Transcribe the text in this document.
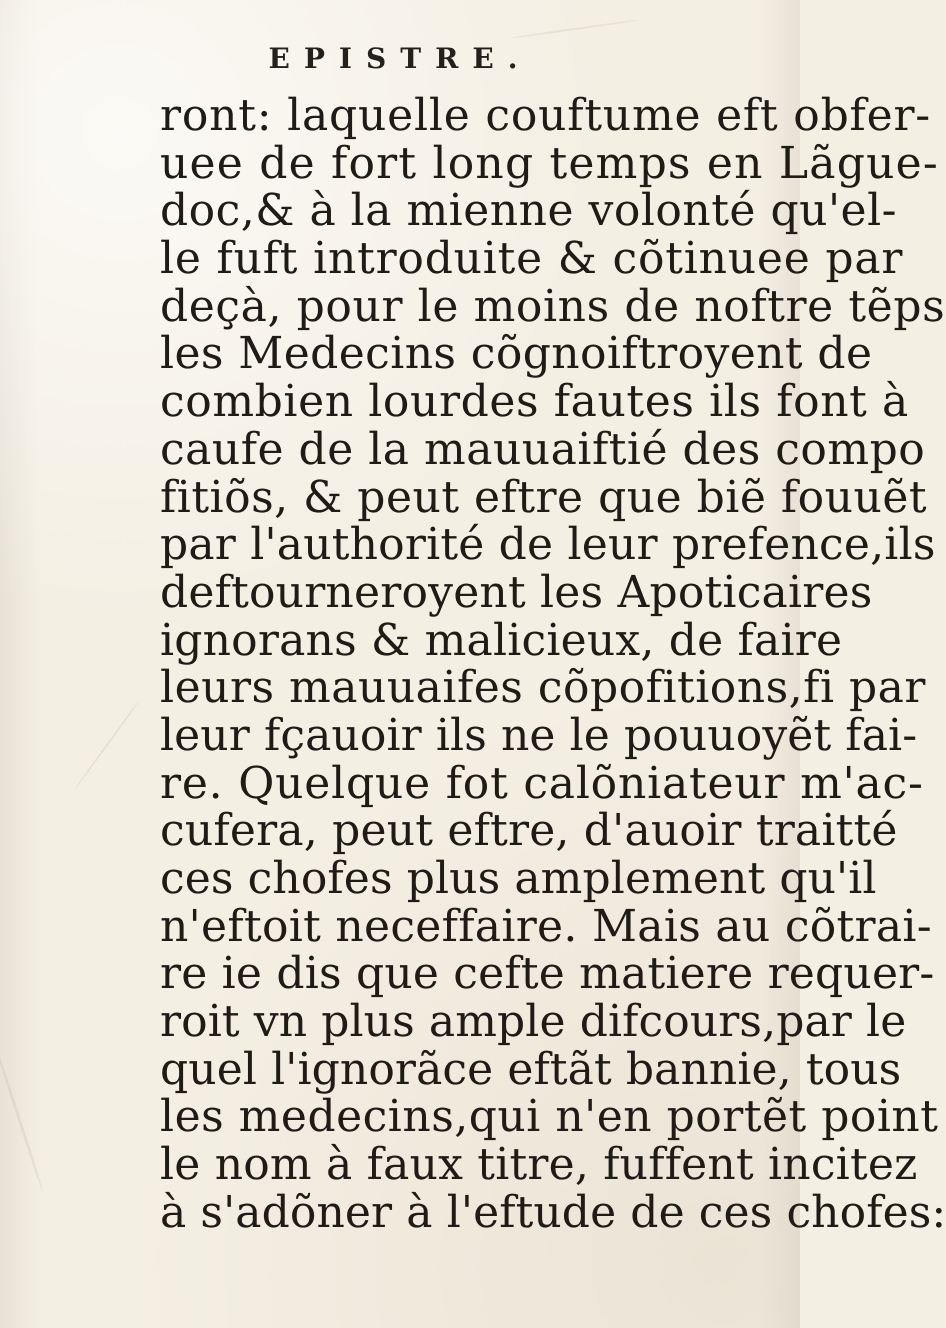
EPISTRE.
ront: laquelle couftume eft obfer-
uee de fort long temps en Lãgue-
doc,& à la mienne volonté qu'el-
le fuft introduite & cõtinuee par
deçà, pour le moins de noftre tẽps
les Medecins cõgnoiftroyent de
combien lourdes fautes ils font à
caufe de la mauuaiftié des compo
fitiõs, & peut eftre que biẽ fouuẽt
par l'authorité de leur prefence,ils
deftourneroyent les Apoticaires
ignorans & malicieux, de faire
leurs mauuaifes cõpofitions,fi par
leur fçauoir ils ne le pouuoyẽt fai-
re. Quelque fot calõniateur m'ac-
cufera, peut eftre, d'auoir traitté
ces chofes plus amplement qu'il
n'eftoit neceffaire. Mais au cõtrai-
re ie dis que cefte matiere requer-
roit vn plus ample difcours,par le
quel l'ignorãce eftãt bannie, tous
les medecins,qui n'en portẽt point
le nom à faux titre, fuffent incitez
à s'adõner à l'eftude de ces chofes:
